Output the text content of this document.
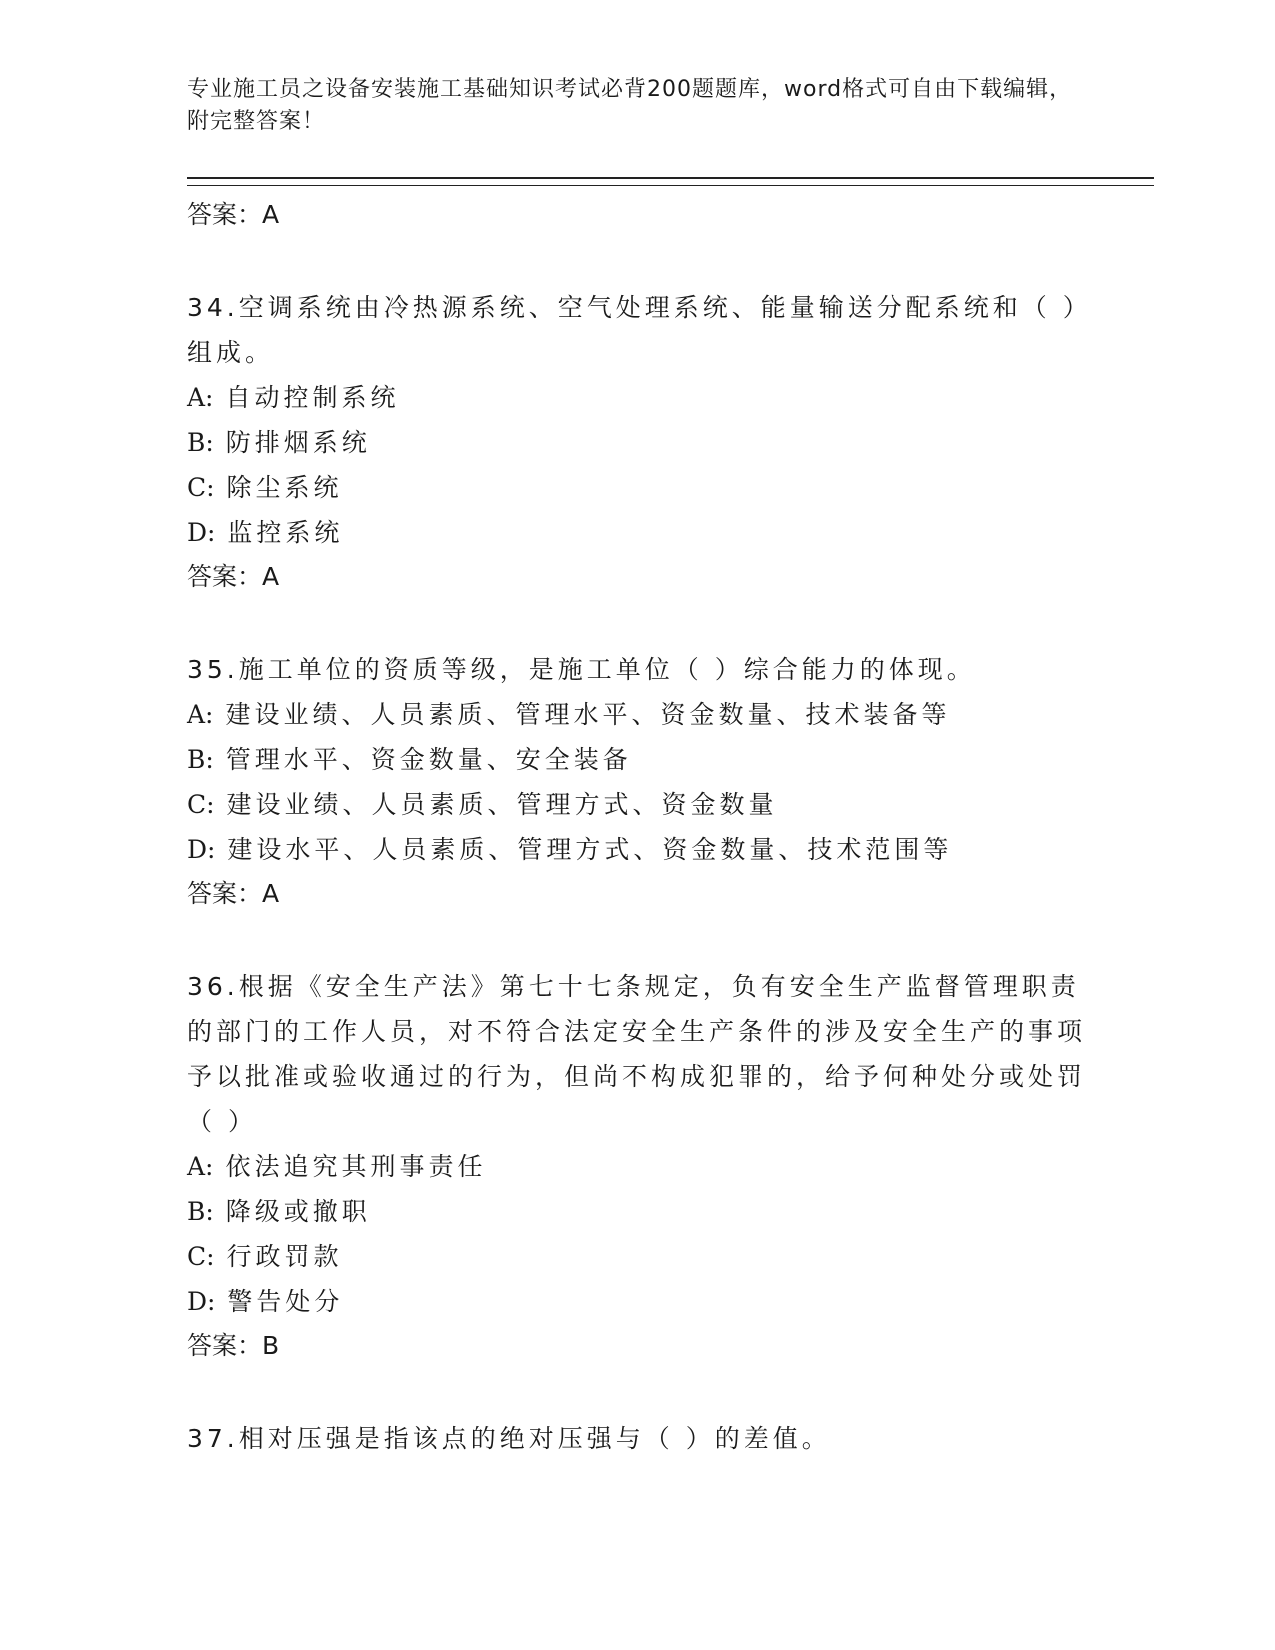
专业施工员之设备安装施工基础知识考试必背200题题库，word格式可自由下载编辑，附完整答案！
答案：A
34.空调系统由冷热源系统、空气处理系统、能量输送分配系统和（ ）组成。
A: 自动控制系统
B: 防排烟系统
C: 除尘系统
D: 监控系统
答案：A
35.施工单位的资质等级，是施工单位（ ）综合能力的体现。
A: 建设业绩、人员素质、管理水平、资金数量、技术装备等
B: 管理水平、资金数量、安全装备
C: 建设业绩、人员素质、管理方式、资金数量
D: 建设水平、人员素质、管理方式、资金数量、技术范围等
答案：A
36.根据《安全生产法》第七十七条规定，负有安全生产监督管理职责的部门的工作人员，对不符合法定安全生产条件的涉及安全生产的事项予以批准或验收通过的行为，但尚不构成犯罪的，给予何种处分或处罚（ ）
A: 依法追究其刑事责任
B: 降级或撤职
C: 行政罚款
D: 警告处分
答案：B
37.相对压强是指该点的绝对压强与（ ）的差值。
